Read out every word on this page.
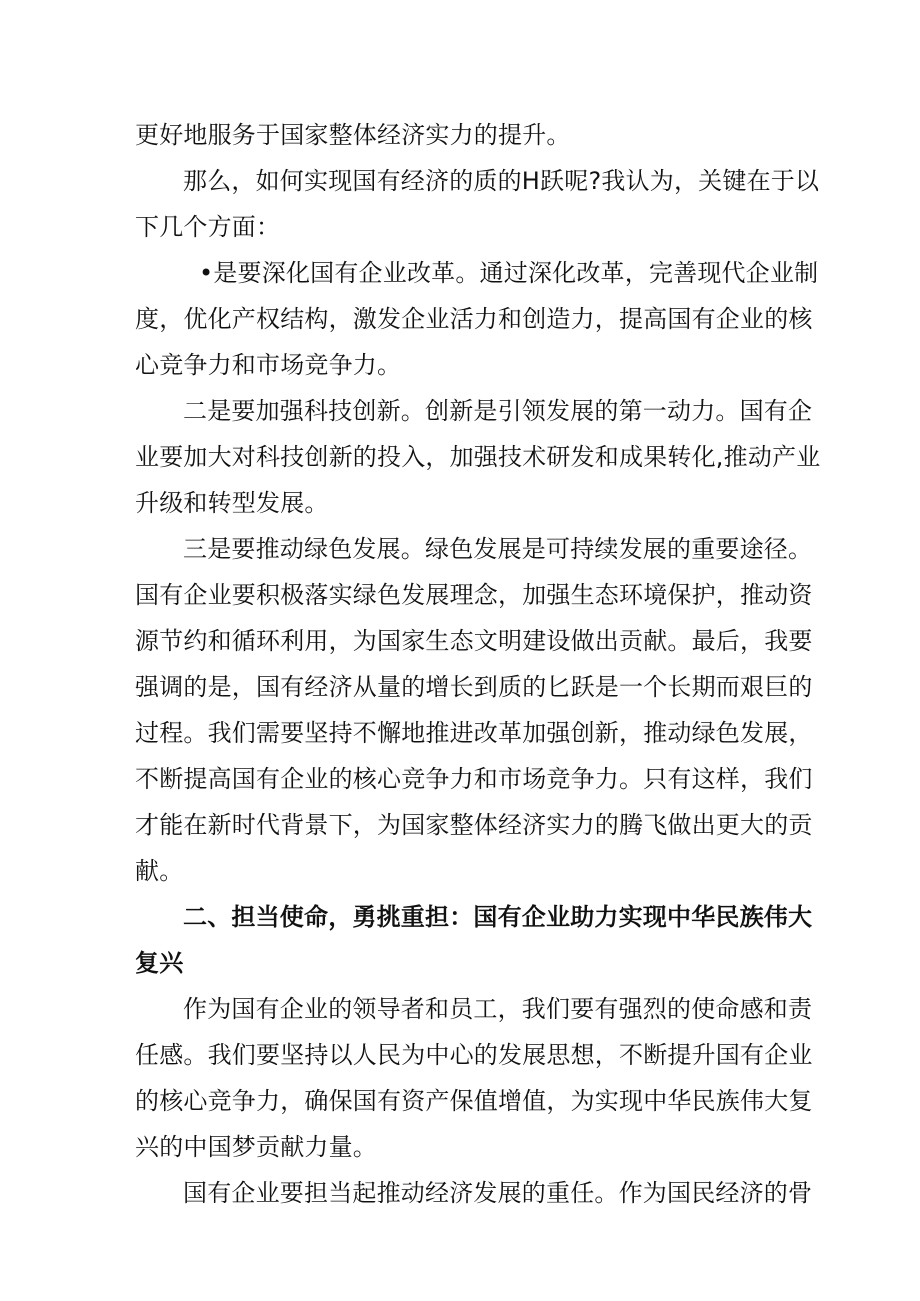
更好地服务于国家整体经济实力的提升。
那么，如何实现国有经济的质的H跃呢?我认为，关键在于以
下几个方面：
•是要深化国有企业改革。通过深化改革，完善现代企业制
度，优化产权结构，激发企业活力和创造力，提高国有企业的核
心竞争力和市场竞争力。
二是要加强科技创新。创新是引领发展的第一动力。国有企
业要加大对科技创新的投入，加强技术研发和成果转化,推动产业
升级和转型发展。
三是要推动绿色发展。绿色发展是可持续发展的重要途径。
国有企业要积极落实绿色发展理念，加强生态环境保护，推动资
源节约和循环利用，为国家生态文明建设做出贡献。最后，我要
强调的是，国有经济从量的增长到质的匕跃是一个长期而艰巨的
过程。我们需要坚持不懈地推进改革加强创新，推动绿色发展，
不断提高国有企业的核心竞争力和市场竞争力。只有这样，我们
才能在新时代背景下，为国家整体经济实力的腾飞做出更大的贡
献。
二、担当使命，勇挑重担：国有企业助力实现中华民族伟大
复兴
作为国有企业的领导者和员工，我们要有强烈的使命感和责
任感。我们要坚持以人民为中心的发展思想，不断提升国有企业
的核心竞争力，确保国有资产保值增值，为实现中华民族伟大复
兴的中国梦贡献力量。
国有企业要担当起推动经济发展的重任。作为国民经济的骨
